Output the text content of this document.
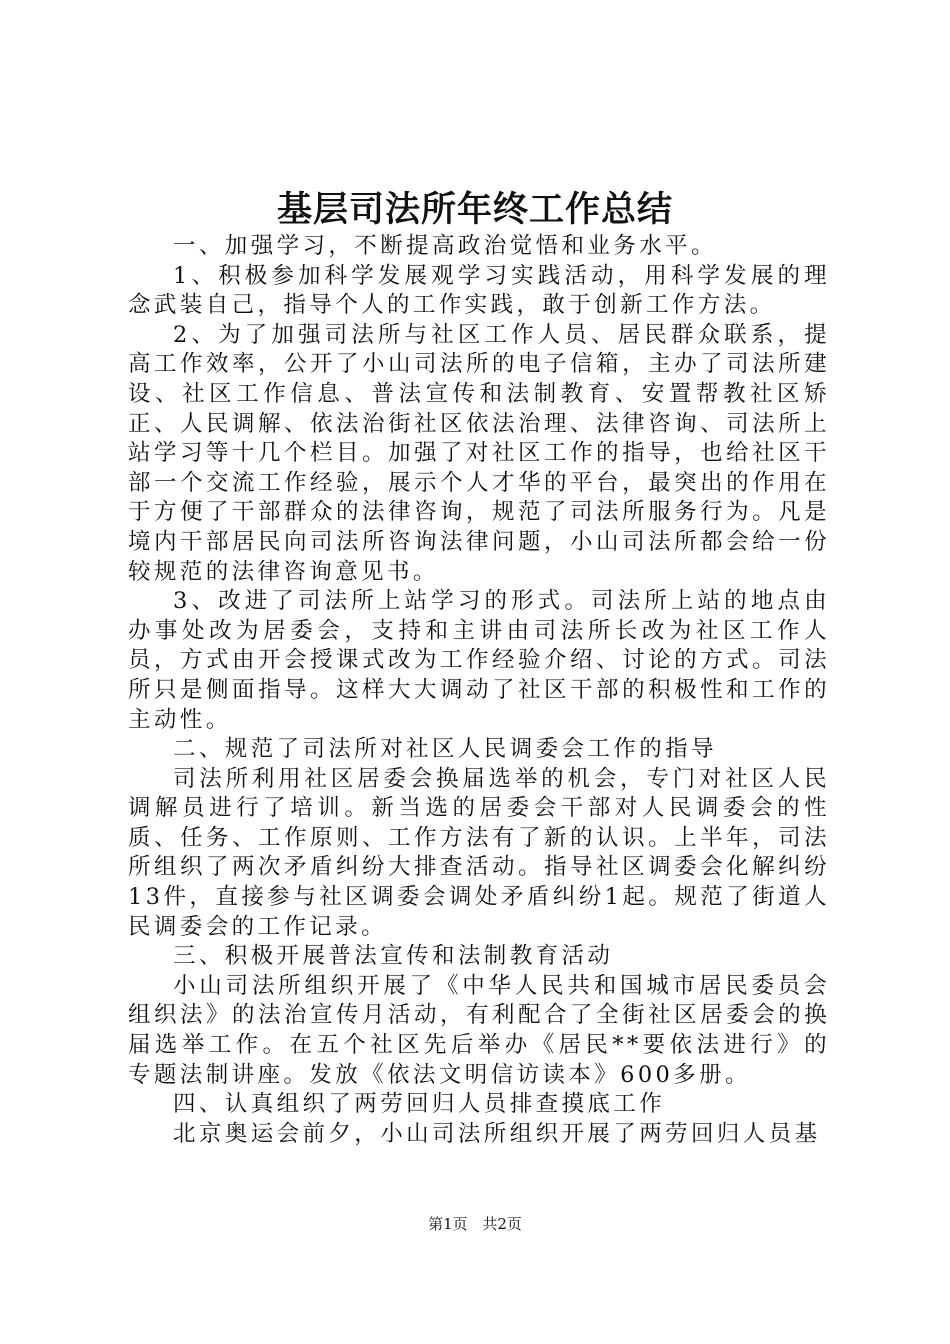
基层司法所年终工作总结

一、加强学习，不断提高政治觉悟和业务水平。

1、积极参加科学发展观学习实践活动，用科学发展的理念武装自己，指导个人的工作实践，敢于创新工作方法。

2、为了加强司法所与社区工作人员、居民群众联系，提高工作效率，公开了小山司法所的电子信箱，主办了司法所建设、社区工作信息、普法宣传和法制教育、安置帮教社区矫正、人民调解、依法治街社区依法治理、法律咨询、司法所上站学习等十几个栏目。加强了对社区工作的指导，也给社区干部一个交流工作经验，展示个人才华的平台，最突出的作用在于方便了干部群众的法律咨询，规范了司法所服务行为。凡是境内干部居民向司法所咨询法律问题，小山司法所都会给一份较规范的法律咨询意见书。

3、改进了司法所上站学习的形式。司法所上站的地点由办事处改为居委会，支持和主讲由司法所长改为社区工作人员，方式由开会授课式改为工作经验介绍、讨论的方式。司法所只是侧面指导。这样大大调动了社区干部的积极性和工作的主动性。

二、规范了司法所对社区人民调委会工作的指导

司法所利用社区居委会换届选举的机会，专门对社区人民调解员进行了培训。新当选的居委会干部对人民调委会的性质、任务、工作原则、工作方法有了新的认识。上半年，司法所组织了两次矛盾纠纷大排查活动。指导社区调委会化解纠纷13件，直接参与社区调委会调处矛盾纠纷1起。规范了街道人民调委会的工作记录。

三、积极开展普法宣传和法制教育活动

小山司法所组织开展了《中华人民共和国城市居民委员会组织法》的法治宣传月活动，有利配合了全街社区居委会的换届选举工作。在五个社区先后举办《居民**要依法进行》的专题法制讲座。发放《依法文明信访读本》600多册。

四、认真组织了两劳回归人员排查摸底工作

北京奥运会前夕，小山司法所组织开展了两劳回归人员基

第1页 共2页
